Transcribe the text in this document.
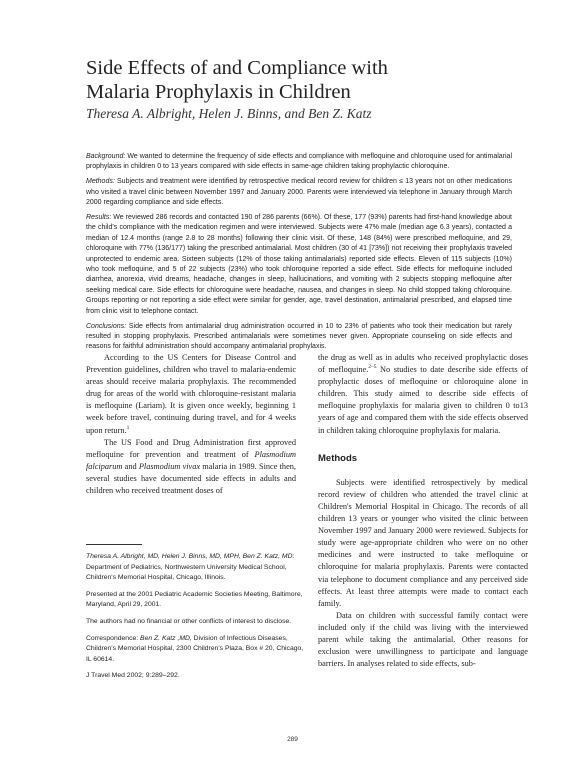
Side Effects of and Compliance with
Malaria Prophylaxis in Children
Theresa A. Albright, Helen J. Binns, and Ben Z. Katz

Background: We wanted to determine the frequency of side effects and compliance with mefloquine and chloroquine used for antimalarial prophylaxis in children 0 to 13 years compared with side effects in same-age children taking prophylactic chloroquine.

Methods: Subjects and treatment were identified by retrospective medical record review for children ≤ 13 years not on other medications who visited a travel clinic between November 1997 and January 2000. Parents were interviewed via telephone in January through March 2000 regarding compliance and side effects.

Results: We reviewed 286 records and contacted 190 of 286 parents (66%). Of these, 177 (93%) parents had first-hand knowledge about the child's compliance with the medication regimen and were interviewed. Subjects were 47% male (median age 6.3 years), contacted a median of 12.4 months (range 2.8 to 28 months) following their clinic visit. Of these, 148 (84%) were prescribed mefloquine, and 29, chloroquine with 77% (136/177) taking the prescribed antimalarial. Most children (30 of 41 [73%]) not receiving their prophylaxis traveled unprotected to endemic area. Sixteen subjects (12% of those taking antimalarials) reported side effects. Eleven of 115 subjects (10%) who took mefloquine, and 5 of 22 subjects (23%) who took chloroquine reported a side effect. Side effects for mefloquine included diarrhea, anorexia, vivid dreams, headache, changes in sleep, hallucinations, and vomiting with 2 subjects stopping mefloquine after seeking medical care. Side effects for chloroquine were headache, nausea, and changes in sleep. No child stopped taking chloroquine. Groups reporting or not reporting a side effect were similar for gender, age, travel destination, antimalarial prescribed, and elapsed time from clinic visit to telephone contact.

Conclusions: Side effects from antimalarial drug administration occurred in 10 to 23% of patients who took their medication but rarely resulted in stopping prophylaxis. Prescribed antimalarials were sometimes never given. Appropriate counseling on side effects and reasons for faithful administration should accompany antimalarial prophylaxis.

According to the US Centers for Disease Control and Prevention guidelines, children who travel to malaria-endemic areas should receive malaria prophylaxis. The recommended drug for areas of the world with chloroquine-resistant malaria is mefloquine (Lariam). It is given once weekly, beginning 1 week before travel, continuing during travel, and for 4 weeks upon return.$^1$

The US Food and Drug Administration first approved mefloquine for prevention and treatment of Plasmodium falciparum and Plasmodium vivax malaria in 1989. Since then, several studies have documented side effects in adults and children who received treatment doses of

Theresa A. Albright, MD, Helen J. Binns, MD, MPH, Ben Z. Katz, MD: Department of Pediatrics, Northwestern University Medical School, Children's Memorial Hospital, Chicago, Illinois.

Presented at the 2001 Pediatric Academic Societies Meeting, Baltimore, Maryland, April 29, 2001.

The authors had no financial or other conflicts of interest to disclose.

Correspondence: Ben Z. Katz ,MD, Division of Infectious Diseases, Children's Memorial Hospital, 2300 Children's Plaza, Box # 20, Chicago, IL 60614.

J Travel Med 2002; 9:289–292.

the drug as well as in adults who received prophylactic doses of mefloquine.$^{2-5}$ No studies to date describe side effects of prophylactic doses of mefloquine or chloroquine alone in children. This study aimed to describe side effects of mefloquine prophylaxis for malaria given to children 0 to13 years of age and compared them with the side effects observed in children taking chloroquine prophylaxis for malaria.

Methods

Subjects were identified retrospectively by medical record review of children who attended the travel clinic at Children's Memorial Hospital in Chicago. The records of all children 13 years or younger who visited the clinic between November 1997 and January 2000 were reviewed. Subjects for study were age-appropriate children who were on no other medicines and were instructed to take mefloquine or chloroquine for malaria prophylaxis. Parents were contacted via telephone to document compliance and any perceived side effects. At least three attempts were made to contact each family.

Data on children with successful family contact were included only if the child was living with the interviewed parent while taking the antimalarial. Other reasons for exclusion were unwillingness to participate and language barriers. In analyses related to side effects, sub-

289
